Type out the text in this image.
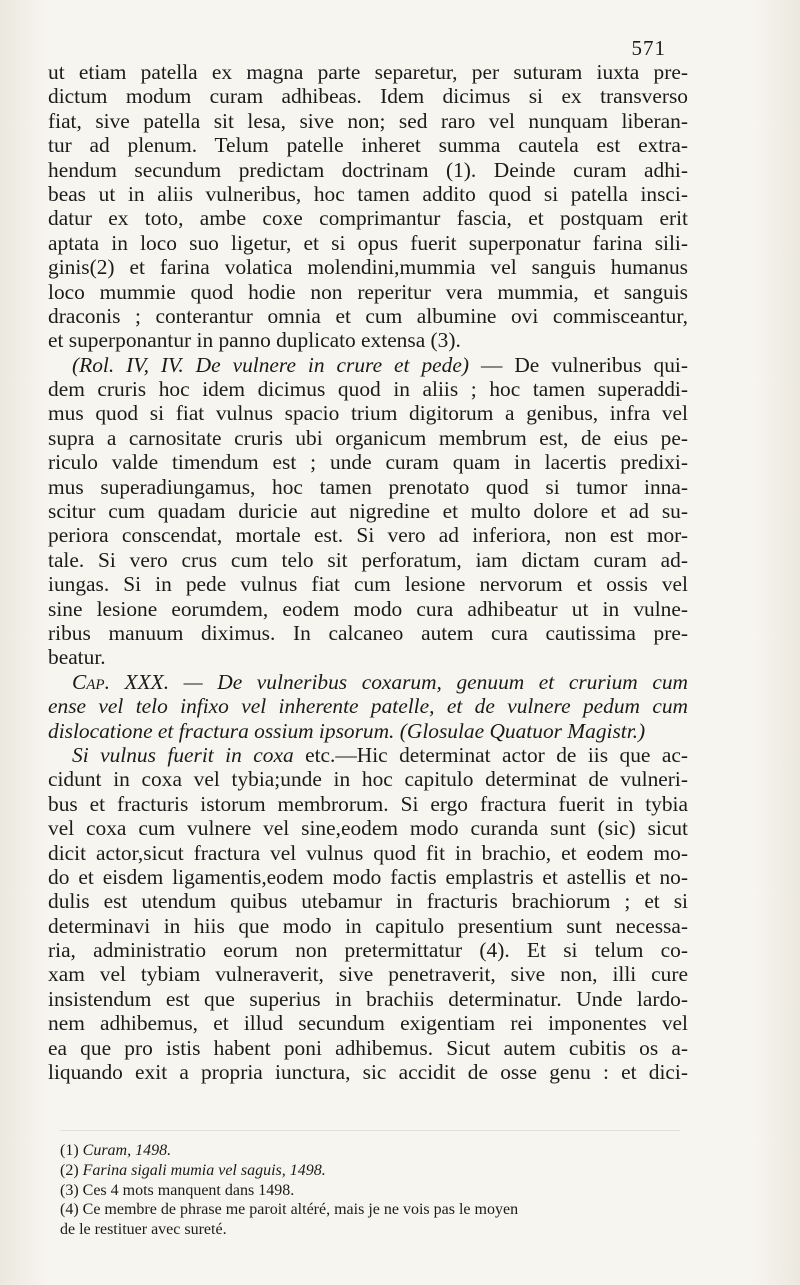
571
ut etiam patella ex magna parte separetur, per suturam iuxta pre-
dictum modum curam adhibeas. Idem dicimus si ex transverso
fiat, sive patella sit lesa, sive non; sed raro vel nunquam liberan-
tur ad plenum. Telum patelle inheret summa cautela est extra-
hendum secundum predictam doctrinam (1). Deinde curam adhi-
beas ut in aliis vulneribus, hoc tamen addito quod si patella insci-
datur ex toto, ambe coxe comprimantur fascia, et postquam erit
aptata in loco suo ligetur, et si opus fuerit superponatur farina sili-
ginis(2) et farina volatica molendini,mummia vel sanguis humanus
loco mummie quod hodie non reperitur vera mummia, et sanguis
draconis ; conterantur omnia et cum albumine ovi commisceantur,
et superponantur in panno duplicato extensa (3).
(Rol. IV, IV. De vulnere in crure et pede) — De vulneribus qui-
dem cruris hoc idem dicimus quod in aliis ; hoc tamen superaddi-
mus quod si fiat vulnus spacio trium digitorum a genibus, infra vel
supra a carnositate cruris ubi organicum membrum est, de eius pe-
riculo valde timendum est ; unde curam quam in lacertis predixi-
mus superadiungamus, hoc tamen prenotato quod si tumor inna-
scitur cum quadam duricie aut nigredine et multo dolore et ad su-
periora conscendat, mortale est. Si vero ad inferiora, non est mor-
tale. Si vero crus cum telo sit perforatum, iam dictam curam ad-
iungas. Si in pede vulnus fiat cum lesione nervorum et ossis vel
sine lesione eorumdem, eodem modo cura adhibeatur ut in vulne-
ribus manuum diximus. In calcaneo autem cura cautissima pre-
beatur.
Cap. XXX. — De vulneribus coxarum, genuum et crurium cum
ense vel telo infixo vel inherente patelle, et de vulnere pedum cum
dislocatione et fractura ossium ipsorum. (Glosulae Quatuor Magistr.)
Si vulnus fuerit in coxa etc.—Hic determinat actor de iis que ac-
cidunt in coxa vel tybia;unde in hoc capitulo determinat de vulneri-
bus et fracturis istorum membrorum. Si ergo fractura fuerit in tybia
vel coxa cum vulnere vel sine,eodem modo curanda sunt (sic) sicut
dicit actor,sicut fractura vel vulnus quod fit in brachio, et eodem mo-
do et eisdem ligamentis,eodem modo factis emplastris et astellis et no-
dulis est utendum quibus utebamur in fracturis brachiorum ; et si
determinavi in hiis que modo in capitulo presentium sunt necessa-
ria, administratio eorum non pretermittatur (4). Et si telum co-
xam vel tybiam vulneraverit, sive penetraverit, sive non, illi cure
insistendum est que superius in brachiis determinatur. Unde lardo-
nem adhibemus, et illud secundum exigentiam rei imponentes vel
ea que pro istis habent poni adhibemus. Sicut autem cubitis os a-
liquando exit a propria iunctura, sic accidit de osse genu : et dici-
(1) Curam, 1498.
(2) Farina sigali mumia vel saguis, 1498.
(3) Ces 4 mots manquent dans 1498.
(4) Ce membre de phrase me paroit altéré, mais je ne vois pas le moyen
de le restituer avec sureté.
